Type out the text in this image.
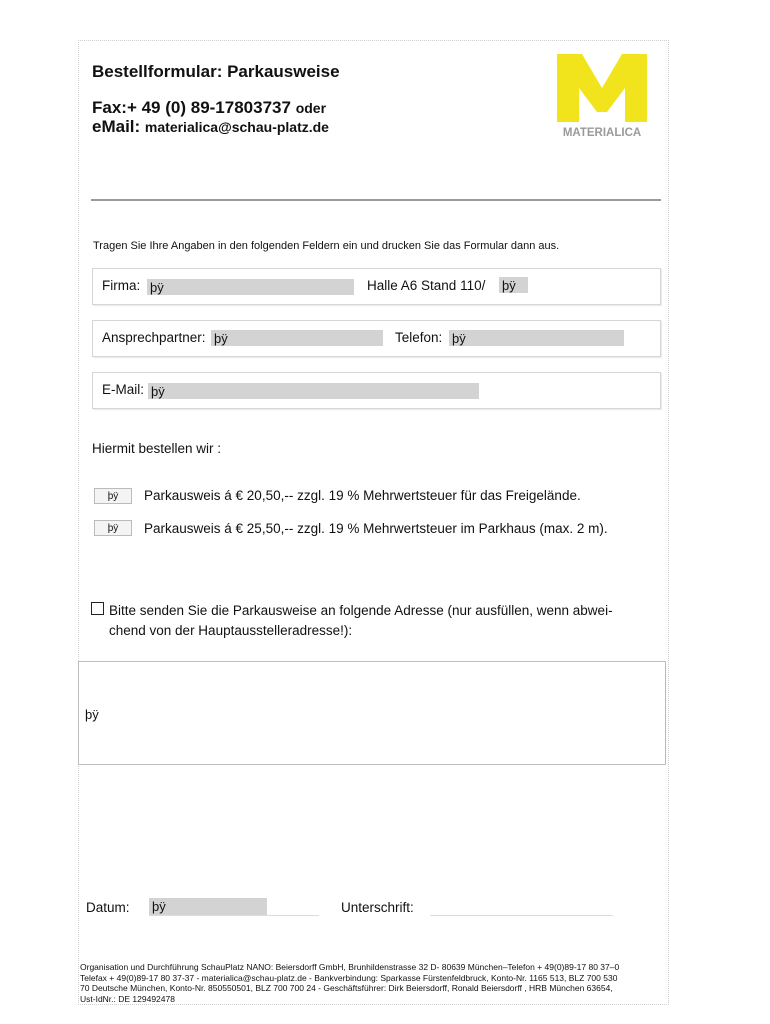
Bestellformular: Parkausweise
Fax:+ 49 (0) 89-17803737 oder
eMail: materialica@schau-platz.de	MATERIALICA
Tragen Sie Ihre Angaben in den folgenden Feldern ein und drucken Sie das Formular dann aus.
Firma: þÿ	Halle A6 Stand 110/ þÿ
Ansprechpartner: þÿ	Telefon: þÿ
E-Mail: þÿ
Hiermit bestellen wir :
þÿ	Parkausweis á € 20,50,-- zzgl. 19 % Mehrwertsteuer für das Freigelände.
þÿ	Parkausweis á € 25,50,-- zzgl. 19 % Mehrwertsteuer im Parkhaus (max. 2 m).
Bitte senden Sie die Parkausweise an folgende Adresse (nur ausfüllen, wenn abwei-
chend von der Hauptausstelleradresse!):
þÿ
Datum: þÿ	Unterschrift:
Organisation und Durchführung SchauPlatz NANO: Beiersdorff GmbH, Brunhildenstrasse 32 D- 80639 München–Telefon + 49(0)89-17 80 37–0
Telefax + 49(0)89-17 80 37-37 - materialica@schau-platz.de - Bankverbindung: Sparkasse Fürstenfeldbruck, Konto-Nr. 1165 513, BLZ 700 530
70 Deutsche München, Konto-Nr. 850550501, BLZ 700 700 24 - Geschäftsführer: Dirk Beiersdorff, Ronald Beiersdorff , HRB München 63654,
Ust-IdNr.: DE 129492478
